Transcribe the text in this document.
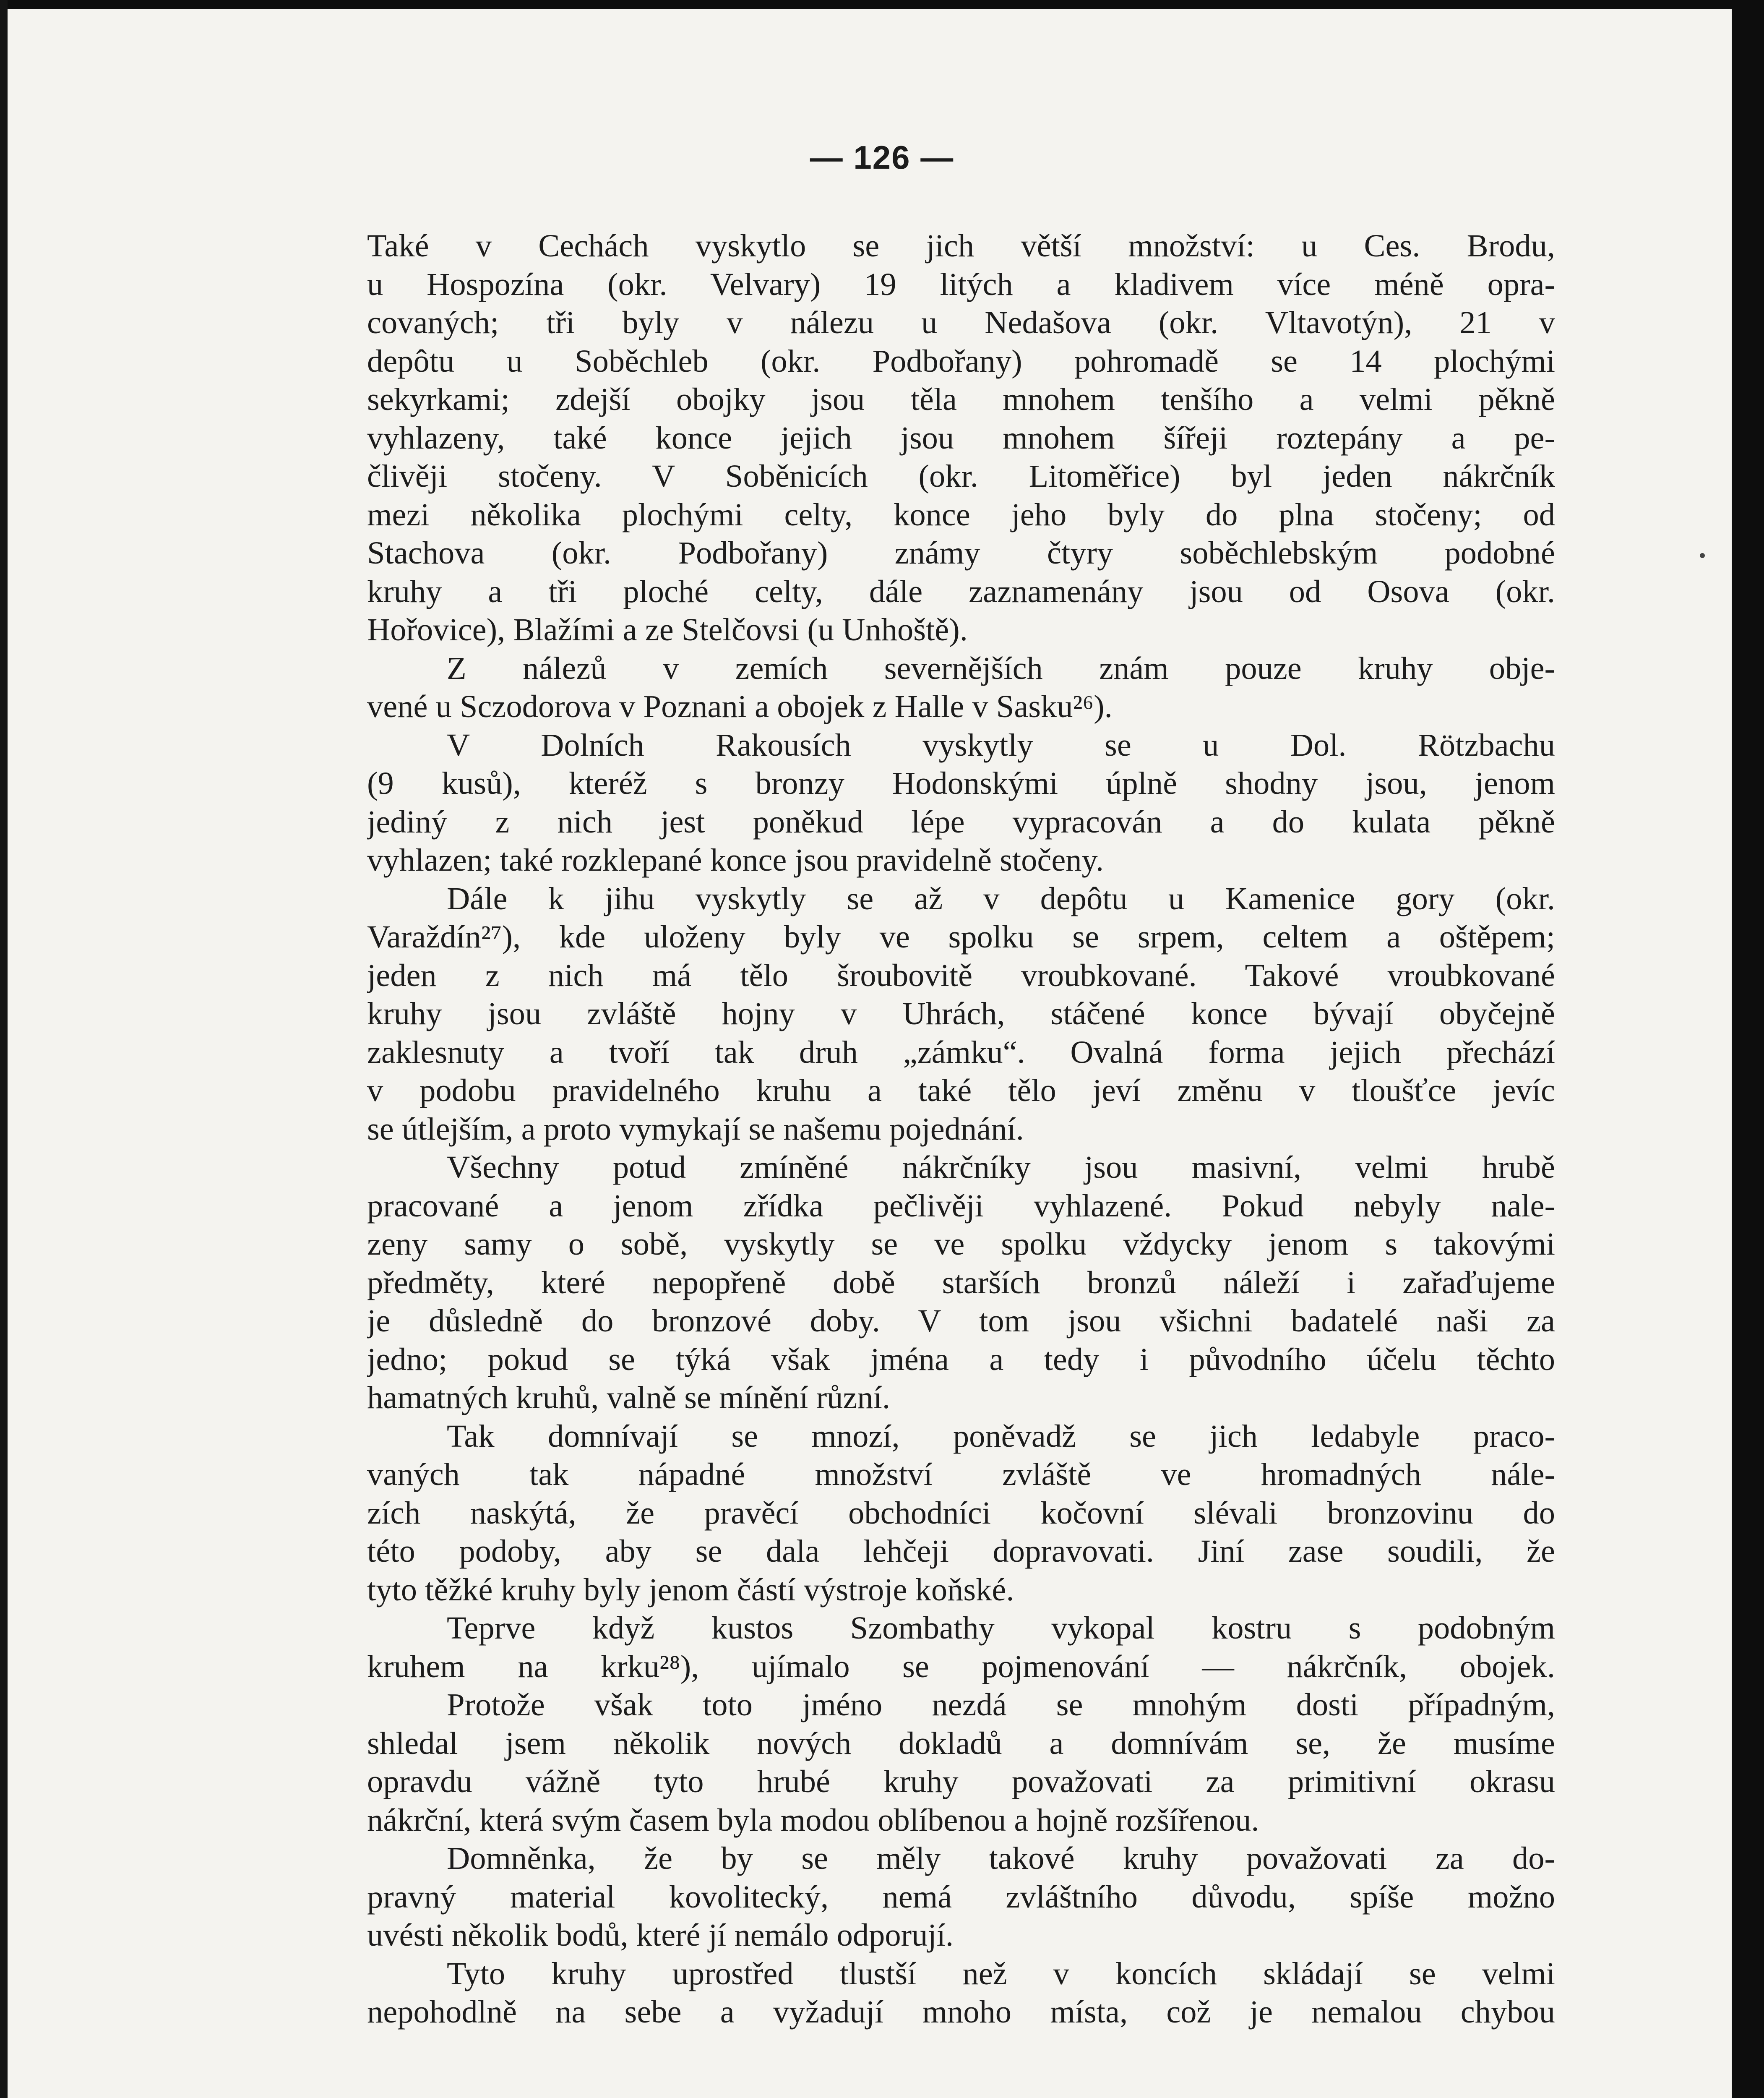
— 126 —
Také v Cechách vyskytlo se jich větší množství: u Ces. Brodu,
u Hospozína (okr. Velvary) 19 litých a kladivem více méně opra-
covaných; tři byly v nálezu u Nedašova (okr. Vltavotýn), 21 v
depôtu u Soběchleb (okr. Podbořany) pohromadě se 14 plochými
sekyrkami; zdejší obojky jsou těla mnohem tenšího a velmi pěkně
vyhlazeny, také konce jejich jsou mnohem šířeji roztepány a pe-
člivěji stočeny. V Soběnicích (okr. Litoměřice) byl jeden nákrčník
mezi několika plochými celty, konce jeho byly do plna stočeny; od
Stachova (okr. Podbořany) známy čtyry soběchlebským podobné
kruhy a tři ploché celty, dále zaznamenány jsou od Osova (okr.
Hořovice), Blažími a ze Stelčovsi (u Unhoště).
Z nálezů v zemích severnějších znám pouze kruhy obje-
vené u Sczodorova v Poznani a obojek z Halle v Sasku²⁶).
V Dolních Rakousích vyskytly se u Dol. Rötzbachu
(9 kusů), kteréž s bronzy Hodonskými úplně shodny jsou, jenom
jediný z nich jest poněkud lépe vypracován a do kulata pěkně
vyhlazen; také rozklepané konce jsou pravidelně stočeny.
Dále k jihu vyskytly se až v depôtu u Kamenice gory (okr.
Varaždín²⁷), kde uloženy byly ve spolku se srpem, celtem a oštěpem;
jeden z nich má tělo šroubovitě vroubkované. Takové vroubkované
kruhy jsou zvláště hojny v Uhrách, stáčené konce bývají obyčejně
zaklesnuty a tvoří tak druh „zámku“. Ovalná forma jejich přechází
v podobu pravidelného kruhu a také tělo jeví změnu v tloušťce jevíc
se útlejším, a proto vymykají se našemu pojednání.
Všechny potud zmíněné nákrčníky jsou masivní, velmi hrubě
pracované a jenom zřídka pečlivěji vyhlazené. Pokud nebyly nale-
zeny samy o sobě, vyskytly se ve spolku vždycky jenom s takovými
předměty, které nepopřeně době starších bronzů náleží i zařaďujeme
je důsledně do bronzové doby. V tom jsou všichni badatelé naši za
jedno; pokud se týká však jména a tedy i původního účelu těchto
hamatných kruhů, valně se mínění různí.
Tak domnívají se mnozí, poněvadž se jich ledabyle praco-
vaných tak nápadné množství zvláště ve hromadných nále-
zích naskýtá, že pravěcí obchodníci kočovní slévali bronzovinu do
této podoby, aby se dala lehčeji dopravovati. Jiní zase soudili, že
tyto těžké kruhy byly jenom částí výstroje koňské.
Teprve když kustos Szombathy vykopal kostru s podobným
kruhem na krku²⁸), ujímalo se pojmenování — nákrčník, obojek.
Protože však toto jméno nezdá se mnohým dosti případným,
shledal jsem několik nových dokladů a domnívám se, že musíme
opravdu vážně tyto hrubé kruhy považovati za primitivní okrasu
nákrční, která svým časem byla modou oblíbenou a hojně rozšířenou.
Domněnka, že by se měly takové kruhy považovati za do-
pravný material kovolitecký, nemá zvláštního důvodu, spíše možno
uvésti několik bodů, které jí nemálo odporují.
Tyto kruhy uprostřed tlustší než v koncích skládají se velmi
nepohodlně na sebe a vyžadují mnoho místa, což je nemalou chybou
